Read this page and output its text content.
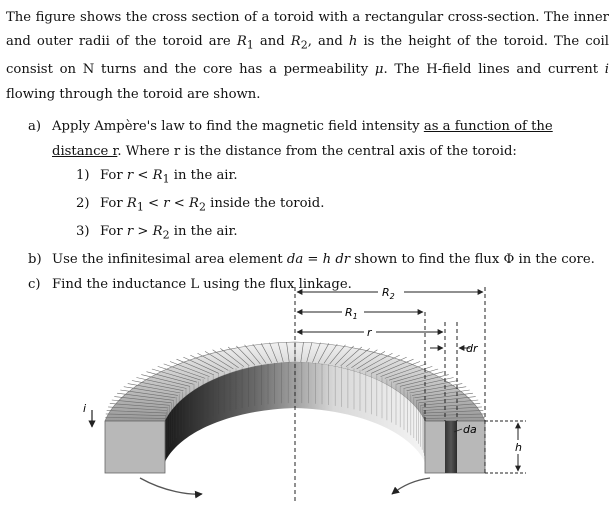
The figure shows the cross section of a toroid with a rectangular cross-section. The inner and outer radii of the toroid are $R_1$ and $R_2$, and h is the height of the toroid. The coil consist on N turns and the core has a permeability μ. The H-field lines and current i flowing through the toroid are shown.

a) Apply Ampère's law to find the magnetic field intensity as a function of the distance r. Where r is the distance from the central axis of the toroid:
1) For $r < R_1$ in the air.
2) For $R_1 < r < R_2$ inside the toroid.
3) For $r > R_2$ in the air.
b) Use the infinitesimal area element da = h dr shown to find the flux Φ in the core.
c) Find the inductance L using the flux linkage.
$R_2$
$R_1$
r
dr
da
h
i
